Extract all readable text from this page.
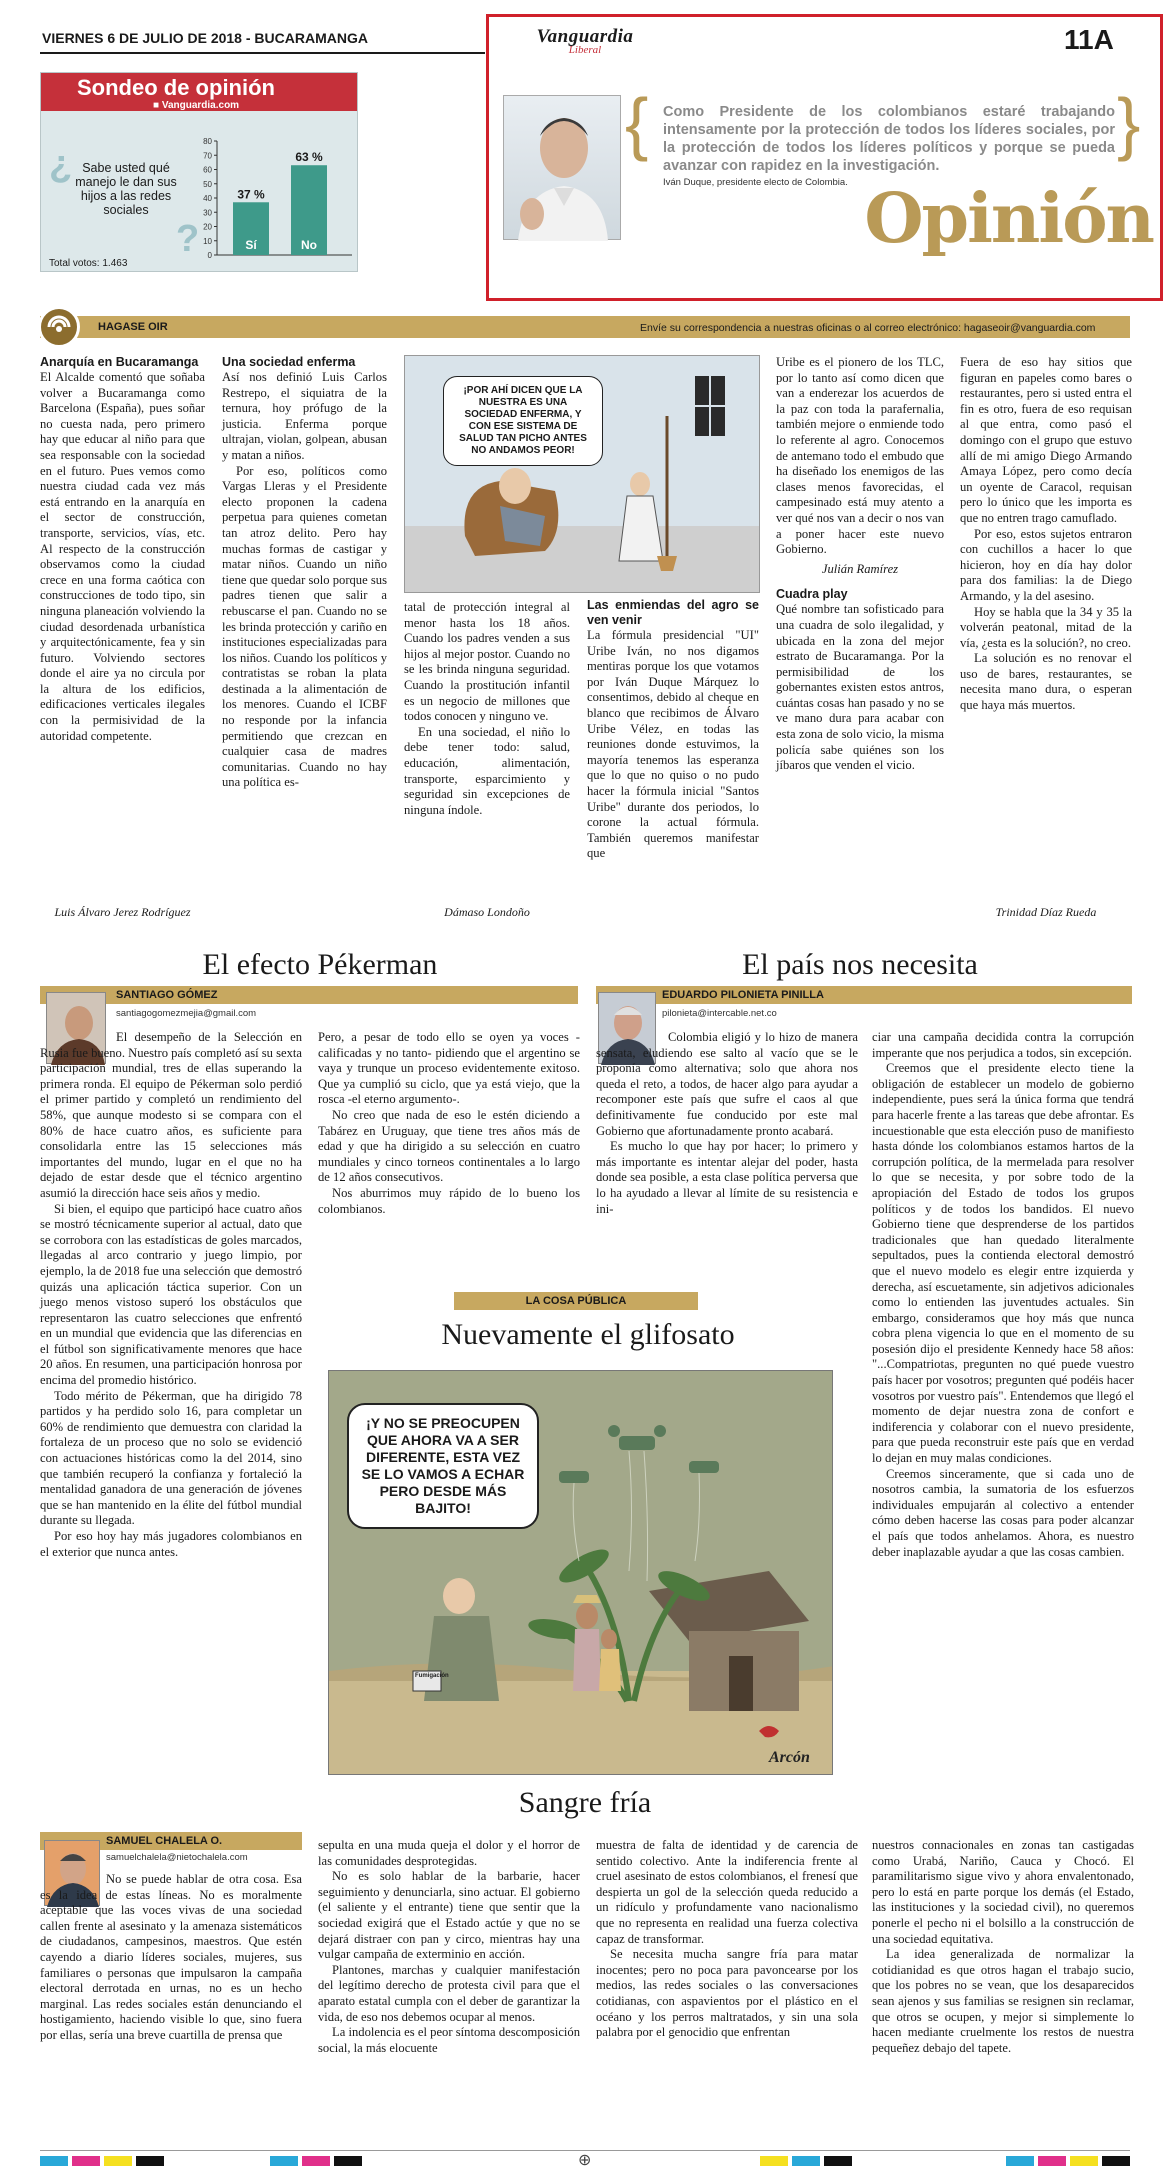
VIERNES 6 DE JULIO DE 2018 - BUCARAMANGA	Vanguardia
Liberal	11A
Sondeo de opinión
■ Vanguardia.com
¿
?
Sabe usted qué manejo le dan sus hijos a las redes sociales
Total votos: 1.463
0
10
20
30
40
50
60
70
80
37 %
Sí
63 %
No
{	}
Como Presidente de los colombianos estaré trabajando intensamente por la protección de todos los líderes sociales, por la protección de todos los líderes políticos y porque se pueda avanzar con rapidez en la investigación.
Iván Duque, presidente electo de Colombia. Opinión
HAGASE OIR	Envíe su correspondencia a nuestras oficinas o al correo electrónico: hagaseoir@vanguardia.com
Anarquía en Bucaramanga

El Alcalde comentó que soñaba volver a Bucaramanga como Barcelona (España), pues soñar no cuesta nada, pero primero hay que educar al niño para que sea responsable con la sociedad en el futuro. Pues vemos como nuestra ciudad cada vez más está entrando en la anarquía en el sector de construcción, transporte, servicios, vías, etc. Al respecto de la construcción observamos como la ciudad crece en una forma caótica con construcciones de todo tipo, sin ninguna planeación volviendo la ciudad desordenada urbanística y arquitectónicamente, fea y sin futuro. Volviendo sectores donde el aire ya no circula por la altura de los edificios, edificaciones verticales ilegales con la permisividad de la autoridad competente.

Luis Álvaro Jerez Rodríguez
Una sociedad enferma

Así nos definió Luis Carlos Restrepo, el siquiatra de la ternura, hoy prófugo de la justicia. Enferma porque ultrajan, violan, golpean, abusan y matan a niños.

Por eso, políticos como Vargas Lleras y el Presidente electo proponen la cadena perpetua para quienes cometan tan atroz delito. Pero hay muchas formas de castigar y matar niños. Cuando un niño tiene que quedar solo porque sus padres tienen que salir a rebuscarse el pan. Cuando no se les brinda protección y cariño en instituciones especializadas para los niños. Cuando los políticos y contratistas se roban la plata destinada a la alimentación de los menores. Cuando el ICBF no responde por la infancia permitiendo que crezcan en cualquier casa de madres comunitarias. Cuando no hay una política es-

¡POR AHÍ DICEN QUE LA NUESTRA ES UNA SOCIEDAD ENFERMA, Y CON ESE SISTEMA DE SALUD TAN PICHO ANTES NO ANDAMOS PEOR!

tatal de protección integral al menor hasta los 18 años. Cuando los padres venden a sus hijos al mejor postor. Cuando no se les brinda ninguna seguridad. Cuando la prostitución infantil es un negocio de millones que todos conocen y ninguno ve.

En una sociedad, el niño lo debe tener todo: salud, educación, alimentación, transporte, esparcimiento y seguridad sin excepciones de ninguna índole.

Dámaso Londoño
Las enmiendas del agro se ven venir

La fórmula presidencial "UI" Uribe Iván, no nos digamos mentiras porque los que votamos por Iván Duque Márquez lo consentimos, debido al cheque en blanco que recibimos de Álvaro Uribe Vélez, en todas las reuniones donde estuvimos, la mayoría tenemos las esperanza que lo que no quiso o no pudo hacer la fórmula inicial "Santos Uribe" durante dos periodos, lo corone la actual fórmula. También queremos manifestar que

Uribe es el pionero de los TLC, por lo tanto así como dicen que van a enderezar los acuerdos de la paz con toda la parafernalia, también mejore o enmiende todo lo referente al agro. Conocemos de antemano todo el embudo que ha diseñado los enemigos de las clases menos favorecidas, el campesinado está muy atento a ver qué nos van a decir o nos van a poner hacer este nuevo Gobierno.

Julián Ramírez
Cuadra play

Qué nombre tan sofisticado para una cuadra de solo ilegalidad, y ubicada en la zona del mejor estrato de Bucaramanga. Por la permisibilidad de los gobernantes existen estos antros, cuántas cosas han pasado y no se ve mano dura para acabar con esta zona de solo vicio, la misma policía sabe quiénes son los jíbaros que venden el vicio.

Fuera de eso hay sitios que figuran en papeles como bares o restaurantes, pero si usted entra el fin es otro, fuera de eso requisan al que entra, como pasó el domingo con el grupo que estuvo allí de mi amigo Diego Armando Amaya López, pero como decía un oyente de Caracol, requisan pero lo único que les importa es que no entren trago camuflado.

Por eso, estos sujetos entraron con cuchillos a hacer lo que hicieron, hoy en día hay dolor para dos familias: la de Diego Armando, y la del asesino.

Hoy se habla que la 34 y 35 la volverán peatonal, mitad de la vía, ¿esta es la solución?, no creo.

La solución es no renovar el uso de bares, restaurantes, se necesita mano dura, o esperan que haya más muertos.

Trinidad Díaz Rueda
El efecto Pékerman
SANTIAGO GÓMEZ
santiagogomezmejia@gmail.com

El desempeño de la Selección en Rusia fue bueno. Nuestro país completó así su sexta participación mundial, tres de ellas superando la primera ronda. El equipo de Pékerman solo perdió el primer partido y completó un rendimiento del 58%, que aunque modesto si se compara con el 80% de hace cuatro años, es suficiente para consolidarla entre las 15 selecciones más importantes del mundo, lugar en el que no ha dejado de estar desde que el técnico argentino asumió la dirección hace seis años y medio.

Si bien, el equipo que participó hace cuatro años se mostró técnicamente superior al actual, dato que se corrobora con las estadísticas de goles marcados, llegadas al arco contrario y juego limpio, por ejemplo, la de 2018 fue una selección que demostró quizás una aplicación táctica superior. Con un juego menos vistoso superó los obstáculos que representaron las cuatro selecciones que enfrentó en un mundial que evidencia que las diferencias en el fútbol son significativamente menores que hace 20 años. En resumen, una participación honrosa por encima del promedio histórico.

Todo mérito de Pékerman, que ha dirigido 78 partidos y ha perdido solo 16, para completar un 60% de rendimiento que demuestra con claridad la fortaleza de un proceso que no solo se evidenció con actuaciones históricas como la del 2014, sino que también recuperó la confianza y fortaleció la mentalidad ganadora de una generación de jóvenes que se han mantenido en la élite del fútbol mundial durante su llegada.

Por eso hoy hay más jugadores colombianos en el exterior que nunca antes.

Pero, a pesar de todo ello se oyen ya voces -calificadas y no tanto- pidiendo que el argentino se vaya y trunque un proceso evidentemente exitoso. Que ya cumplió su ciclo, que ya está viejo, que la rosca -el eterno argumento-.

No creo que nada de eso le estén diciendo a Tabárez en Uruguay, que tiene tres años más de edad y que ha dirigido a su selección en cuatro mundiales y cinco torneos continentales a lo largo de 12 años consecutivos.

Nos aburrimos muy rápido de lo bueno los colombianos.

El país nos necesita
EDUARDO PILONIETA PINILLA
pilonieta@intercable.net.co

Colombia eligió y lo hizo de manera sensata, eludiendo ese salto al vacío que se le proponía como alternativa; solo que ahora nos queda el reto, a todos, de hacer algo para ayudar a recomponer este país que sufre el caos al que definitivamente fue conducido por este mal Gobierno que afortunadamente pronto acabará.

Es mucho lo que hay por hacer; lo primero y más importante es intentar alejar del poder, hasta donde sea posible, a esta clase política perversa que lo ha ayudado a llevar al límite de su resistencia e ini-

ciar una campaña decidida contra la corrupción imperante que nos perjudica a todos, sin excepción.

Creemos que el presidente electo tiene la obligación de establecer un modelo de gobierno independiente, pues será la única forma que tendrá para hacerle frente a las tareas que debe afrontar. Es incuestionable que esta elección puso de manifiesto hasta dónde los colombianos estamos hartos de la corrupción política, de la mermelada para resolver lo que se necesita, y por sobre todo de la apropiación del Estado de todos los grupos políticos y de todos los bandidos. El nuevo Gobierno tiene que desprenderse de los partidos tradicionales que han quedado literalmente sepultados, pues la contienda electoral demostró que el nuevo modelo es elegir entre izquierda y derecha, así escuetamente, sin adjetivos adicionales como lo entienden las juventudes actuales. Sin embargo, consideramos que hoy más que nunca cobra plena vigencia lo que en el momento de su posesión dijo el presidente Kennedy hace 58 años: "...Compatriotas, pregunten no qué puede vuestro país hacer por vosotros; pregunten qué podéis hacer vosotros por vuestro país". Entendemos que llegó el momento de dejar nuestra zona de confort e indiferencia y colaborar con el nuevo presidente, para que pueda reconstruir este país que en verdad lo dejan en muy malas condiciones.

Creemos sinceramente, que si cada uno de nosotros cambia, la sumatoria de los esfuerzos individuales empujarán al colectivo a entender cómo deben hacerse las cosas para poder alcanzar el país que todos anhelamos. Ahora, es nuestro deber inaplazable ayudar a que las cosas cambien.

LA COSA PÚBLICA
Nuevamente el glifosato
¡Y NO SE PREOCUPEN QUE AHORA VA A SER DIFERENTE, ESTA VEZ SE LO VAMOS A ECHAR PERO DESDE MÁS BAJITO!
Fumigación
Arcón
Sangre fría
SAMUEL CHALELA O.
samuelchalela@nietochalela.com

No se puede hablar de otra cosa. Esa es la idea de estas líneas. No es moralmente aceptable que las voces vivas de una sociedad callen frente al asesinato y la amenaza sistemáticos de ciudadanos, campesinos, maestros. Que estén cayendo a diario líderes sociales, mujeres, sus familiares o personas que impulsaron la campaña electoral derrotada en urnas, no es un hecho marginal. Las redes sociales están denunciando el hostigamiento, haciendo visible lo que, sino fuera por ellas, sería una breve cuartilla de prensa que

sepulta en una muda queja el dolor y el horror de las comunidades desprotegidas.

No es solo hablar de la barbarie, hacer seguimiento y denunciarla, sino actuar. El gobierno (el saliente y el entrante) tiene que sentir que la sociedad exigirá que el Estado actúe y que no se dejará distraer con pan y circo, mientras hay una vulgar campaña de exterminio en acción.

Plantones, marchas y cualquier manifestación del legítimo derecho de protesta civil para que el aparato estatal cumpla con el deber de garantizar la vida, de eso nos debemos ocupar al menos.

La indolencia es el peor síntoma descomposición social, la más elocuente

muestra de falta de identidad y de carencia de sentido colectivo. Ante la indiferencia frente al cruel asesinato de estos colombianos, el frenesí que despierta un gol de la selección queda reducido a un ridículo y profundamente vano nacionalismo que no representa en realidad una fuerza colectiva capaz de transformar.

Se necesita mucha sangre fría para matar inocentes; pero no poca para pavoncearse por los medios, las redes sociales o las conversaciones cotidianas, con aspavientos por el plástico en el océano y los perros maltratados, y sin una sola palabra por el genocidio que enfrentan

nuestros connacionales en zonas tan castigadas como Urabá, Nariño, Cauca y Chocó. El paramilitarismo sigue vivo y ahora envalentonado, pero lo está en parte porque los demás (el Estado, las instituciones y la sociedad civil), no queremos ponerle el pecho ni el bolsillo a la construcción de una sociedad equitativa.

La idea generalizada de normalizar la cotidianidad es que otros hagan el trabajo sucio, que los pobres no se vean, que los desaparecidos sean ajenos y sus familias se resignen sin reclamar, que otros se ocupen, y mejor si simplemente lo hacen mediante cruelmente los restos de nuestra pequeñez debajo del tapete.

⊕
